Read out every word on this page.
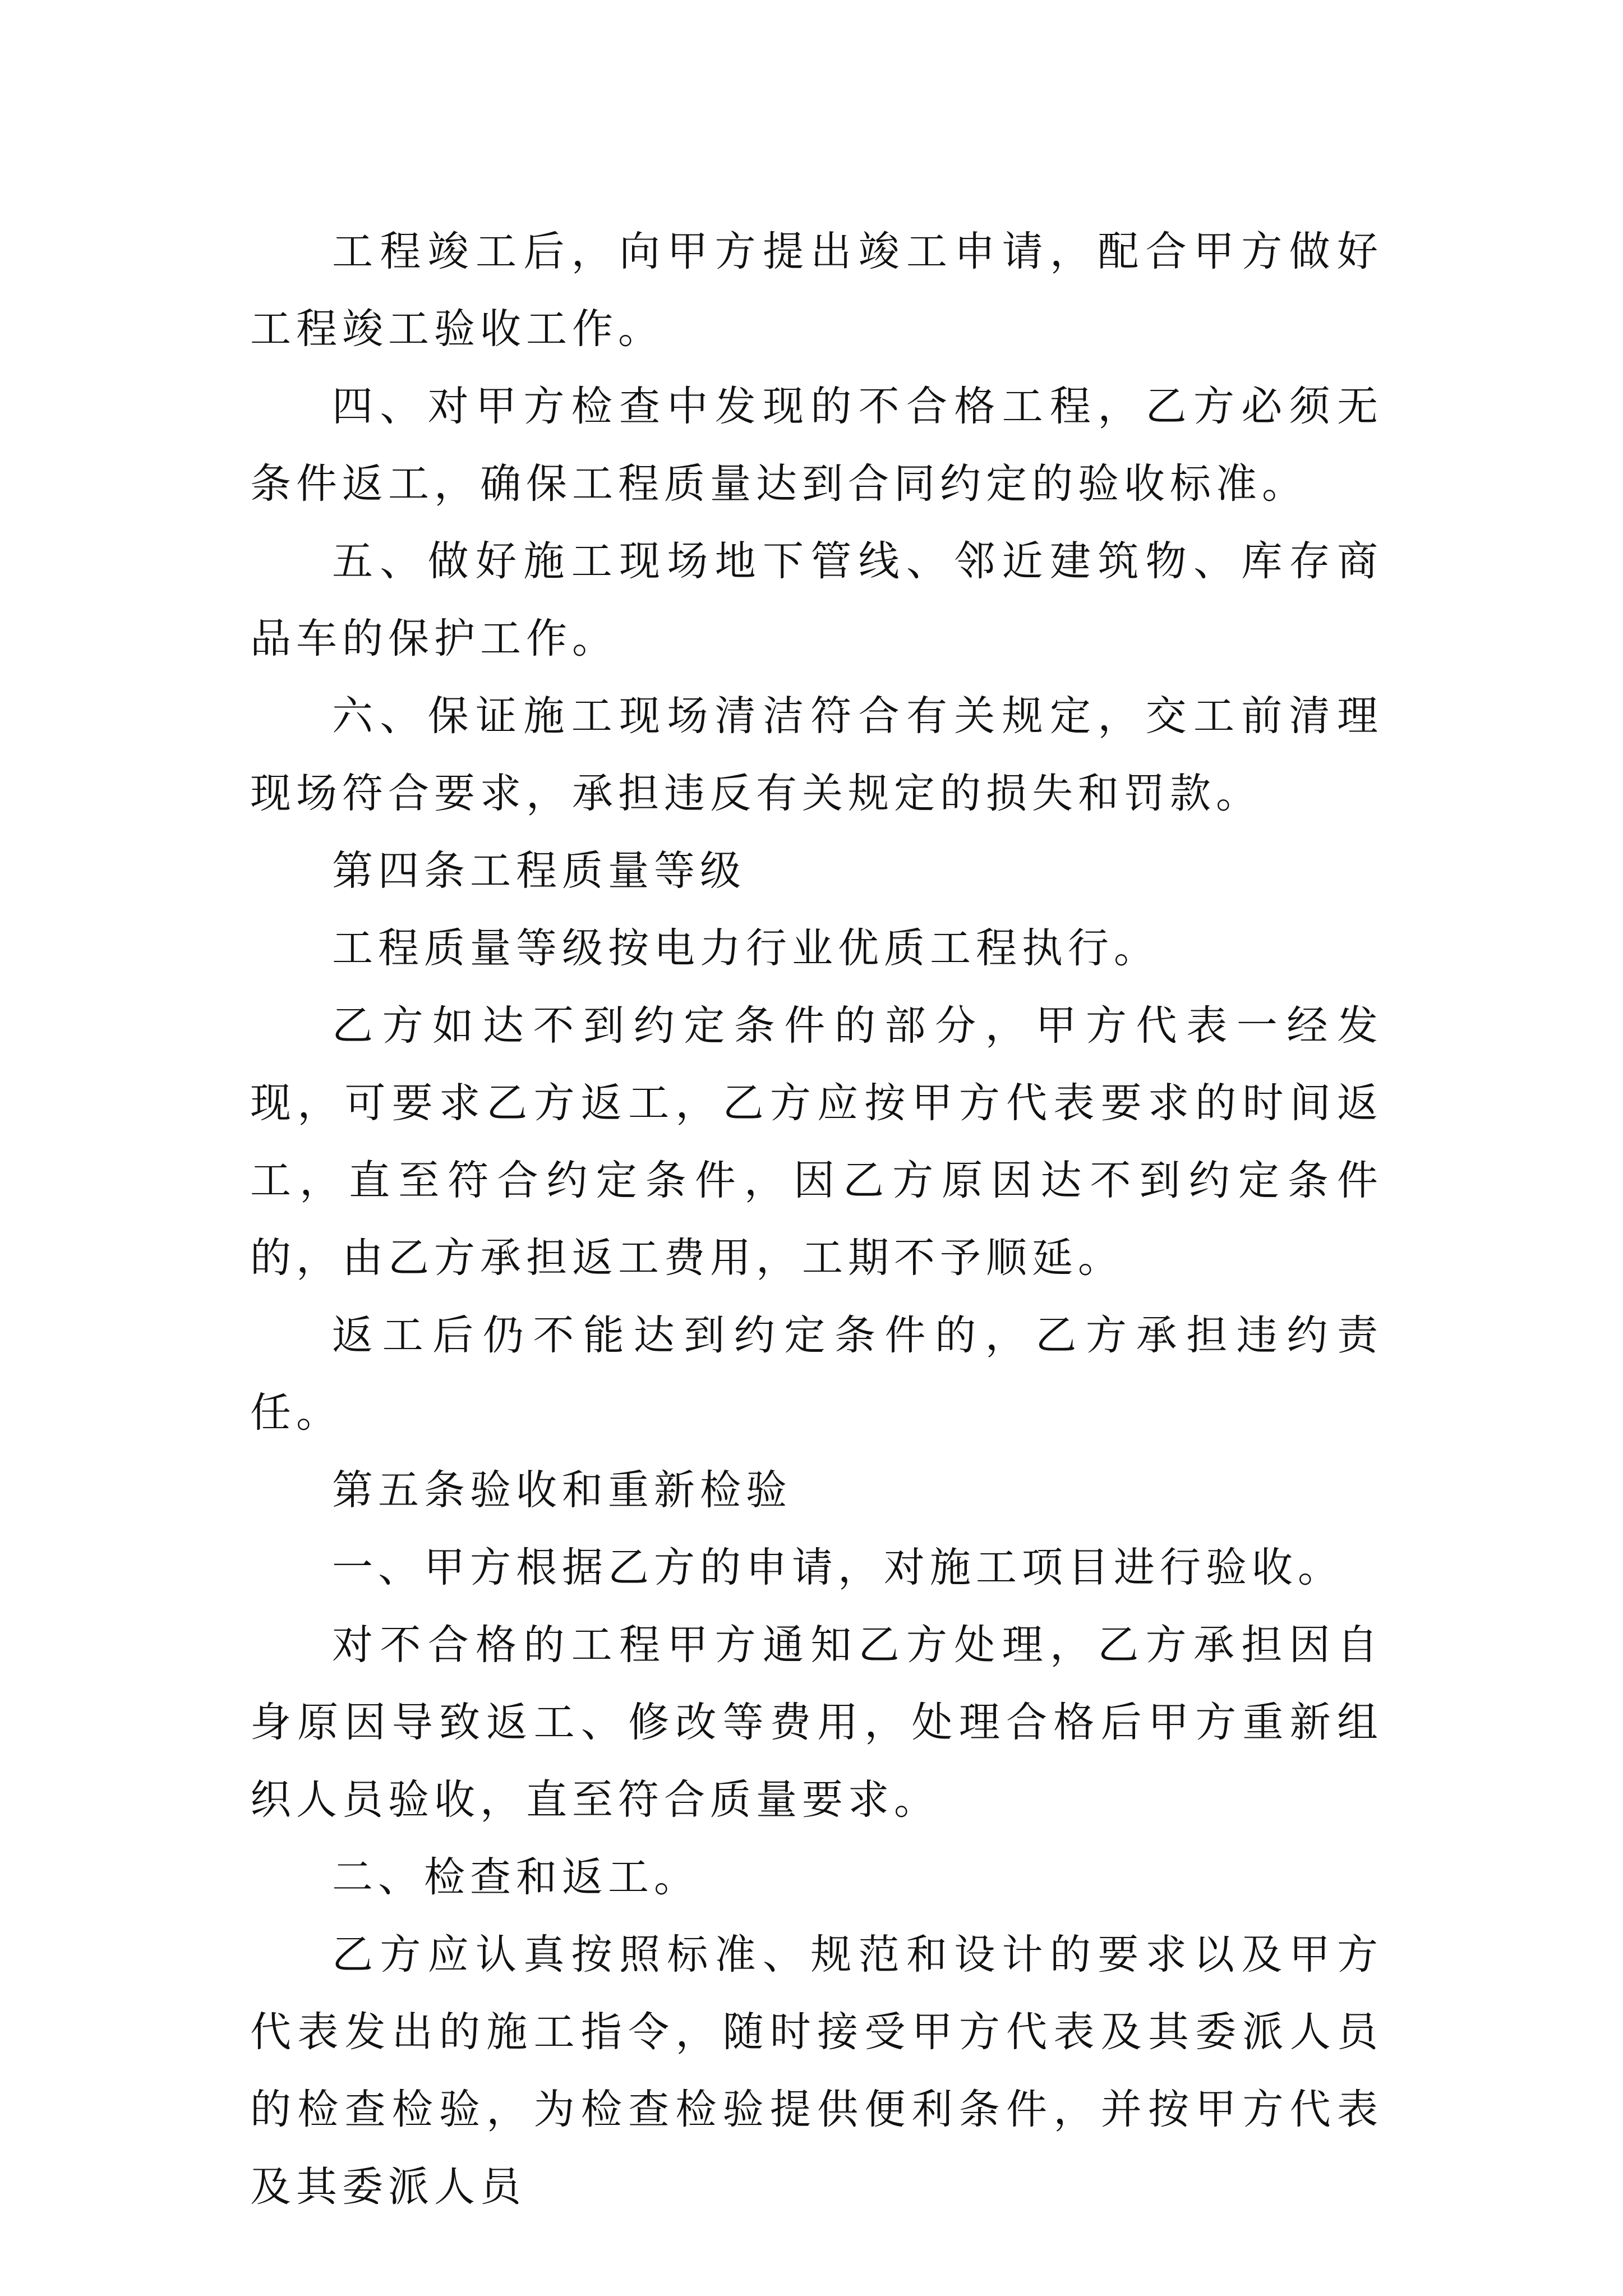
工程竣工后，向甲方提出竣工申请，配合甲方做好工程竣工验收工作。

四、对甲方检查中发现的不合格工程，乙方必须无条件返工，确保工程质量达到合同约定的验收标准。

五、做好施工现场地下管线、邻近建筑物、库存商品车的保护工作。

六、保证施工现场清洁符合有关规定，交工前清理现场符合要求，承担违反有关规定的损失和罚款。

第四条工程质量等级

工程质量等级按电力行业优质工程执行。

乙方如达不到约定条件的部分，甲方代表一经发现，可要求乙方返工，乙方应按甲方代表要求的时间返工，直至符合约定条件，因乙方原因达不到约定条件的，由乙方承担返工费用，工期不予顺延。

返工后仍不能达到约定条件的，乙方承担违约责任。

第五条验收和重新检验

一、甲方根据乙方的申请，对施工项目进行验收。

对不合格的工程甲方通知乙方处理，乙方承担因自身原因导致返工、修改等费用，处理合格后甲方重新组织人员验收，直至符合质量要求。

二、检查和返工。

乙方应认真按照标准、规范和设计的要求以及甲方代表发出的施工指令，随时接受甲方代表及其委派人员的检查检验，为检查检验提供便利条件，并按甲方代表及其委派人员
